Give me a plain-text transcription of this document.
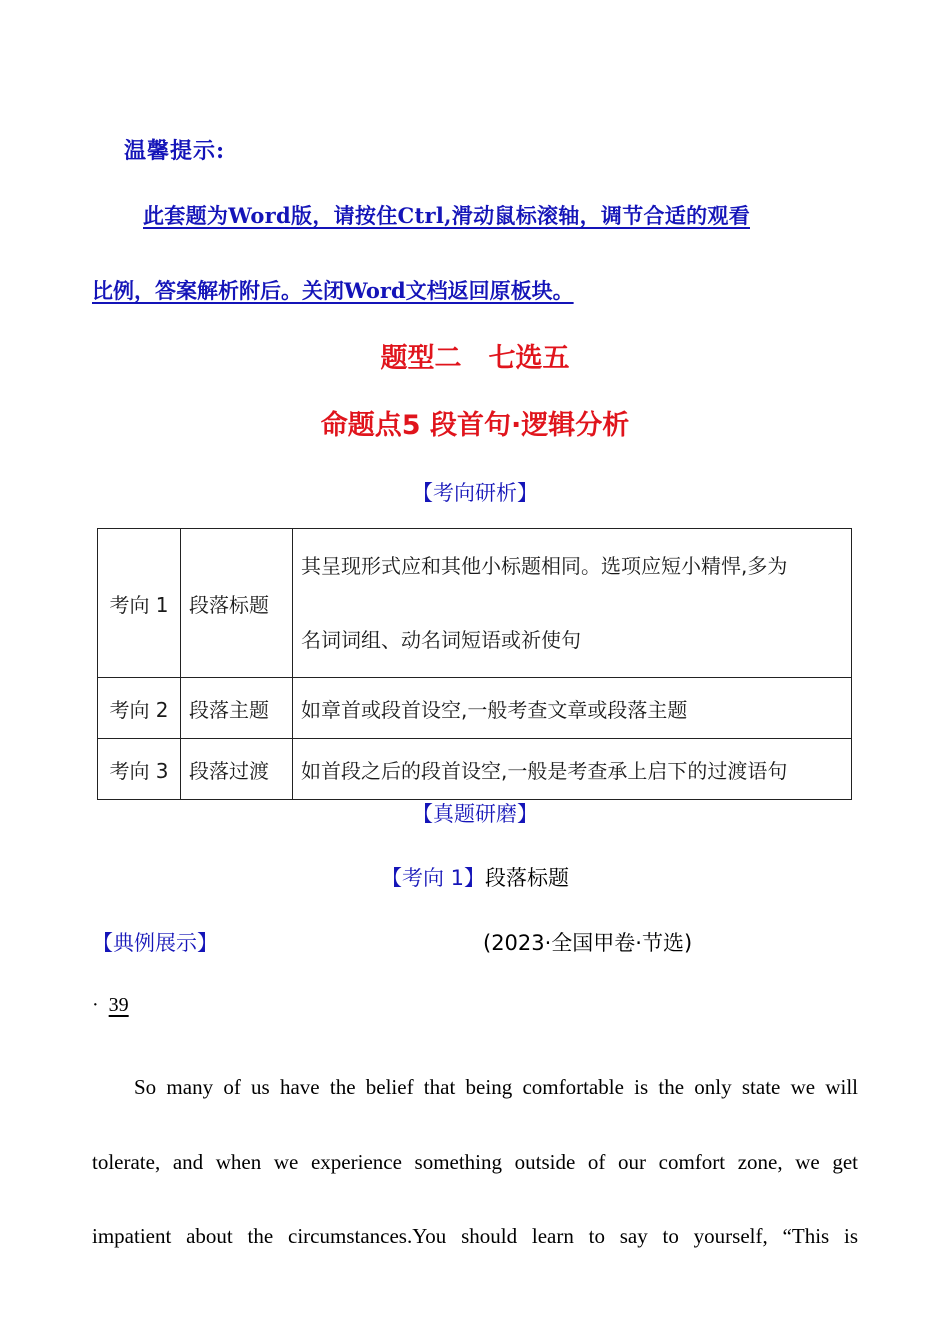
温馨提示:
此套题为Word版，请按住Ctrl,滑动鼠标滚轴，调节合适的观看
比例，答案解析附后。关闭Word文档返回原板块。
题型二　七选五
命题点5 段首句·逻辑分析
【考向研析】
考向 1	段落标题	其呈现形式应和其他小标题相同。选项应短小精悍,多为
名词词组、动名词短语或祈使句

考向 2	段落主题	如章首或段首设空,一般考查文章或段落主题
考向 3	段落过渡	如首段之后的段首设空,一般是考查承上启下的过渡语句
【真题研磨】
【考向 1】段落标题
【典例展示】	(2023·全国甲卷·节选)
· 39
So many of us have the belief that being comfortable is the only state we will
tolerate, and when we experience something outside of our comfort zone, we get
impatient about the circumstances.You should learn to say to yourself, “This is
